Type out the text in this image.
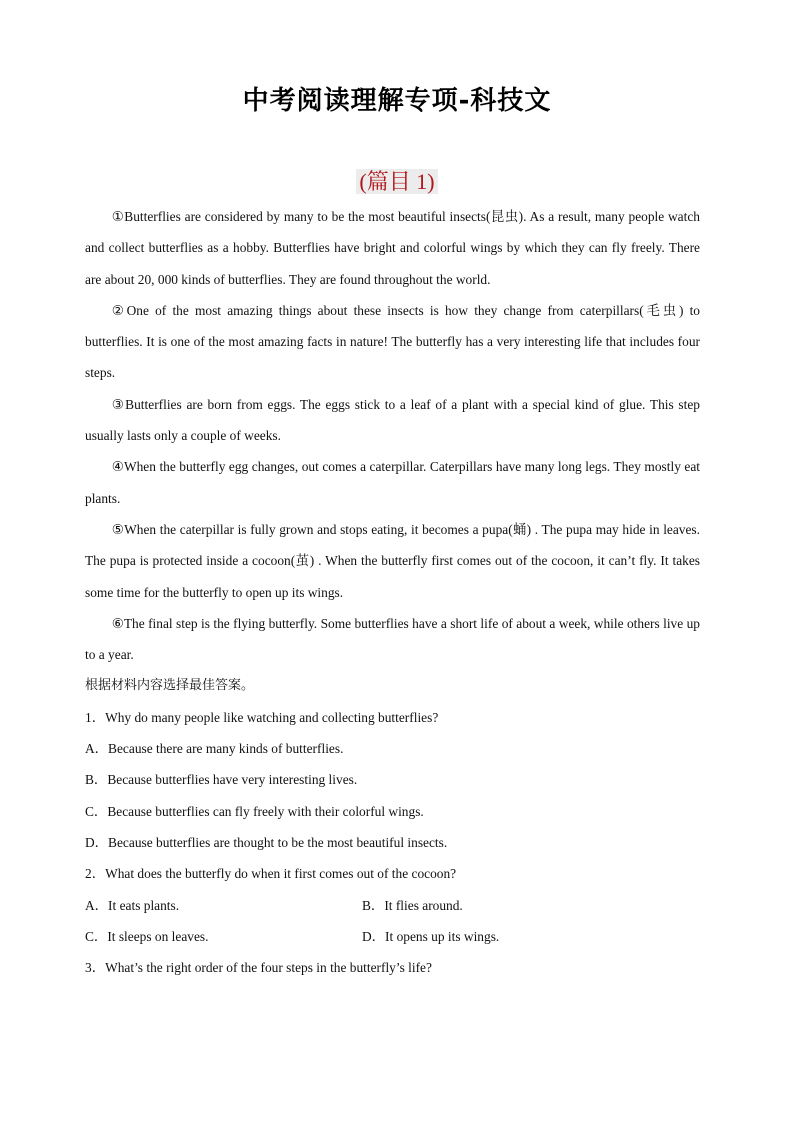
中考阅读理解专项-科技文
(篇目 1)

①Butterflies are considered by many to be the most beautiful insects(昆虫). As a result, many people watch and collect butterflies as a hobby. Butterflies have bright and colorful wings by which they can fly freely. There are about 20, 000 kinds of butterflies. They are found throughout the world.

②One of the most amazing things about these insects is how they change from caterpillars(毛虫) to butterflies. It is one of the most amazing facts in nature! The butterfly has a very interesting life that includes four steps.

③Butterflies are born from eggs. The eggs stick to a leaf of a plant with a special kind of glue. This step usually lasts only a couple of weeks.

④When the butterfly egg changes, out comes a caterpillar. Caterpillars have many long legs. They mostly eat plants.

⑤When the caterpillar is fully grown and stops eating, it becomes a pupa(蛹) . The pupa may hide in leaves. The pupa is protected inside a cocoon(茧) . When the butterfly first comes out of the cocoon, it can’t fly. It takes some time for the butterfly to open up its wings.

⑥The final step is the flying butterfly. Some butterflies have a short life of about a week, while others live up to a year.

根据材料内容选择最佳答案。

1．Why do many people like watching and collecting butterflies?

A．Because there are many kinds of butterflies.

B．Because butterflies have very interesting lives.

C．Because butterflies can fly freely with their colorful wings.

D．Because butterflies are thought to be the most beautiful insects.

2．What does the butterfly do when it first comes out of the cocoon?

A．It eats plants.	B．It flies around.
C．It sleeps on leaves.	D．It opens up its wings.

3．What’s the right order of the four steps in the butterfly’s life?
